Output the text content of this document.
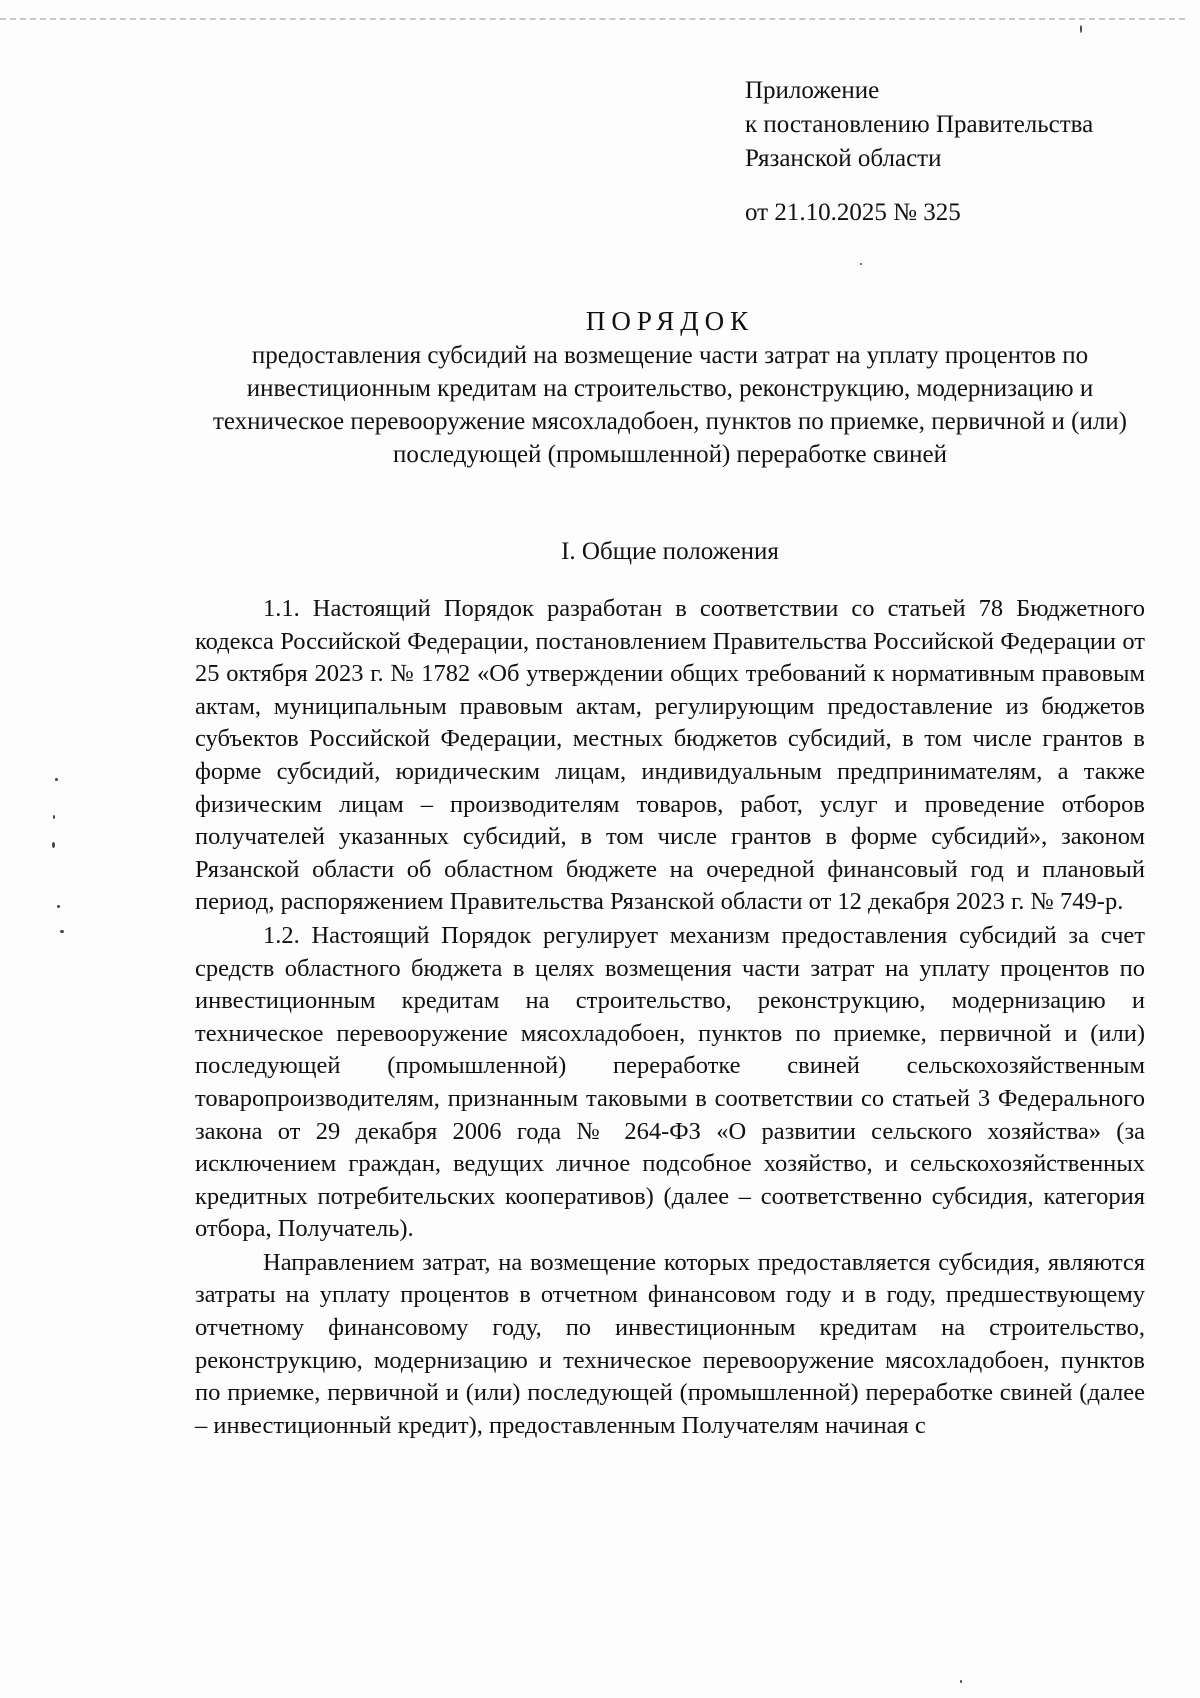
Приложение
к постановлению Правительства
Рязанской области
от 21.10.2025 № 325
ПОРЯДОК
предоставления субсидий на возмещение части затрат на уплату процентов по инвестиционным кредитам на строительство, реконструкцию, модернизацию и техническое перевооружение мясохладобоен, пунктов по приемке, первичной и (или) последующей (промышленной) переработке свиней
I. Общие положения

1.1. Настоящий Порядок разработан в соответствии со статьей 78 Бюджетного кодекса Российской Федерации, постановлением Правительства Российской Федерации от 25 октября 2023 г. № 1782 «Об утверждении общих требований к нормативным правовым актам, муниципальным правовым актам, регулирующим предоставление из бюджетов субъектов Российской Федерации, местных бюджетов субсидий, в том числе грантов в форме субсидий, юридическим лицам, индивидуальным предпринимателям, а также физическим лицам – производителям товаров, работ, услуг и проведение отборов получателей указанных субсидий, в том числе грантов в форме субсидий», законом Рязанской области об областном бюджете на очередной финансовый год и плановый период, распоряжением Правительства Рязанской области от 12 декабря 2023 г. № 749-р.

1.2. Настоящий Порядок регулирует механизм предоставления субсидий за счет средств областного бюджета в целях возмещения части затрат на уплату процентов по инвестиционным кредитам на строительство, реконструкцию, модернизацию и техническое перевооружение мясохладобоен, пунктов по приемке, первичной и (или) последующей (промышленной) переработке свиней сельскохозяйственным товаропроизводителям, признанным таковыми в соответствии со статьей 3 Федерального закона от 29 декабря 2006 года № 264-ФЗ «О развитии сельского хозяйства» (за исключением граждан, ведущих личное подсобное хозяйство, и сельскохозяйственных кредитных потребительских кооперативов) (далее – соответственно субсидия, категория отбора, Получатель).

Направлением затрат, на возмещение которых предоставляется субсидия, являются затраты на уплату процентов в отчетном финансовом году и в году, предшествующему отчетному финансовому году, по инвестиционным кредитам на строительство, реконструкцию, модернизацию и техническое перевооружение мясохладобоен, пунктов по приемке, первичной и (или) последующей (промышленной) переработке свиней (далее – инвестиционный кредит), предоставленным Получателям начиная с
